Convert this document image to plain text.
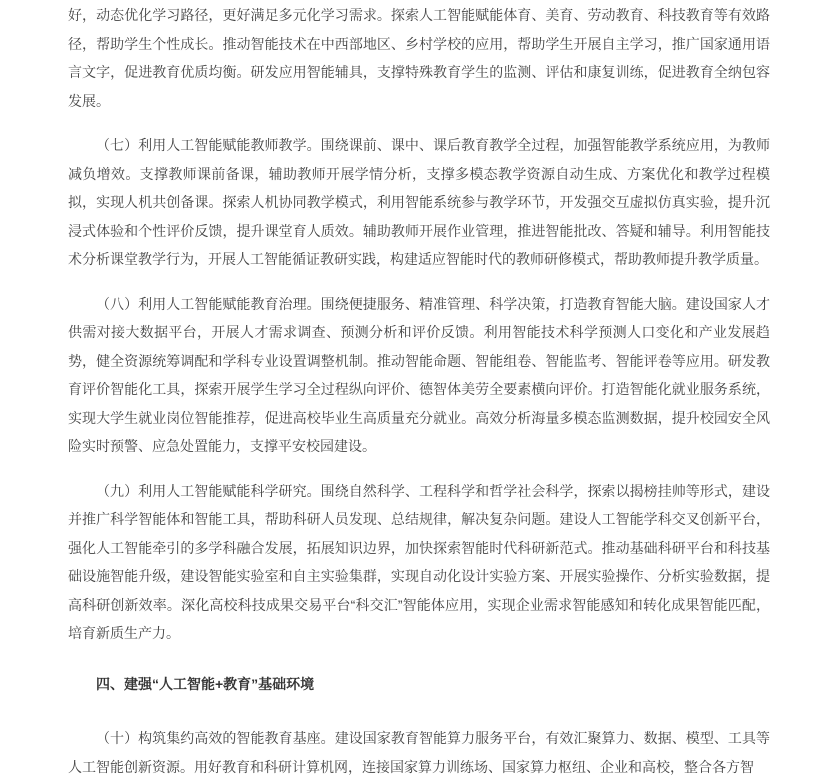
好，动态优化学习路径，更好满足多元化学习需求。探索人工智能赋能体育、美育、劳动教育、科技教育等有效路径，帮助学生个性成长。推动智能技术在中西部地区、乡村学校的应用，帮助学生开展自主学习，推广国家通用语言文字，促进教育优质均衡。研发应用智能辅具，支撑特殊教育学生的监测、评估和康复训练，促进教育全纳包容发展。

（七）利用人工智能赋能教师教学。围绕课前、课中、课后教育教学全过程，加强智能教学系统应用，为教师减负增效。支撑教师课前备课，辅助教师开展学情分析，支撑多模态教学资源自动生成、方案优化和教学过程模拟，实现人机共创备课。探索人机协同教学模式，利用智能系统参与教学环节，开发强交互虚拟仿真实验，提升沉浸式体验和个性评价反馈，提升课堂育人质效。辅助教师开展作业管理，推进智能批改、答疑和辅导。利用智能技术分析课堂教学行为，开展人工智能循证教研实践，构建适应智能时代的教师研修模式，帮助教师提升教学质量。

（八）利用人工智能赋能教育治理。围绕便捷服务、精准管理、科学决策，打造教育智能大脑。建设国家人才供需对接大数据平台，开展人才需求调查、预测分析和评价反馈。利用智能技术科学预测人口变化和产业发展趋势，健全资源统筹调配和学科专业设置调整机制。推动智能命题、智能组卷、智能监考、智能评卷等应用。研发教育评价智能化工具，探索开展学生学习全过程纵向评价、德智体美劳全要素横向评价。打造智能化就业服务系统，实现大学生就业岗位智能推荐，促进高校毕业生高质量充分就业。高效分析海量多模态监测数据，提升校园安全风险实时预警、应急处置能力，支撑平安校园建设。

（九）利用人工智能赋能科学研究。围绕自然科学、工程科学和哲学社会科学，探索以揭榜挂帅等形式，建设并推广科学智能体和智能工具，帮助科研人员发现、总结规律，解决复杂问题。建设人工智能学科交叉创新平台，强化人工智能牵引的多学科融合发展，拓展知识边界，加快探索智能时代科研新范式。推动基础科研平台和科技基础设施智能升级，建设智能实验室和自主实验集群，实现自动化设计实验方案、开展实验操作、分析实验数据，提高科研创新效率。深化高校科技成果交易平台“科交汇”智能体应用，实现企业需求智能感知和转化成果智能匹配，培育新质生产力。

四、建强“人工智能+教育”基础环境

（十）构筑集约高效的智能教育基座。建设国家教育智能算力服务平台，有效汇聚算力、数据、模型、工具等人工智能创新资源。用好教育和科研计算机网，连接国家算力训练场、国家算力枢纽、企业和高校，整合各方智
